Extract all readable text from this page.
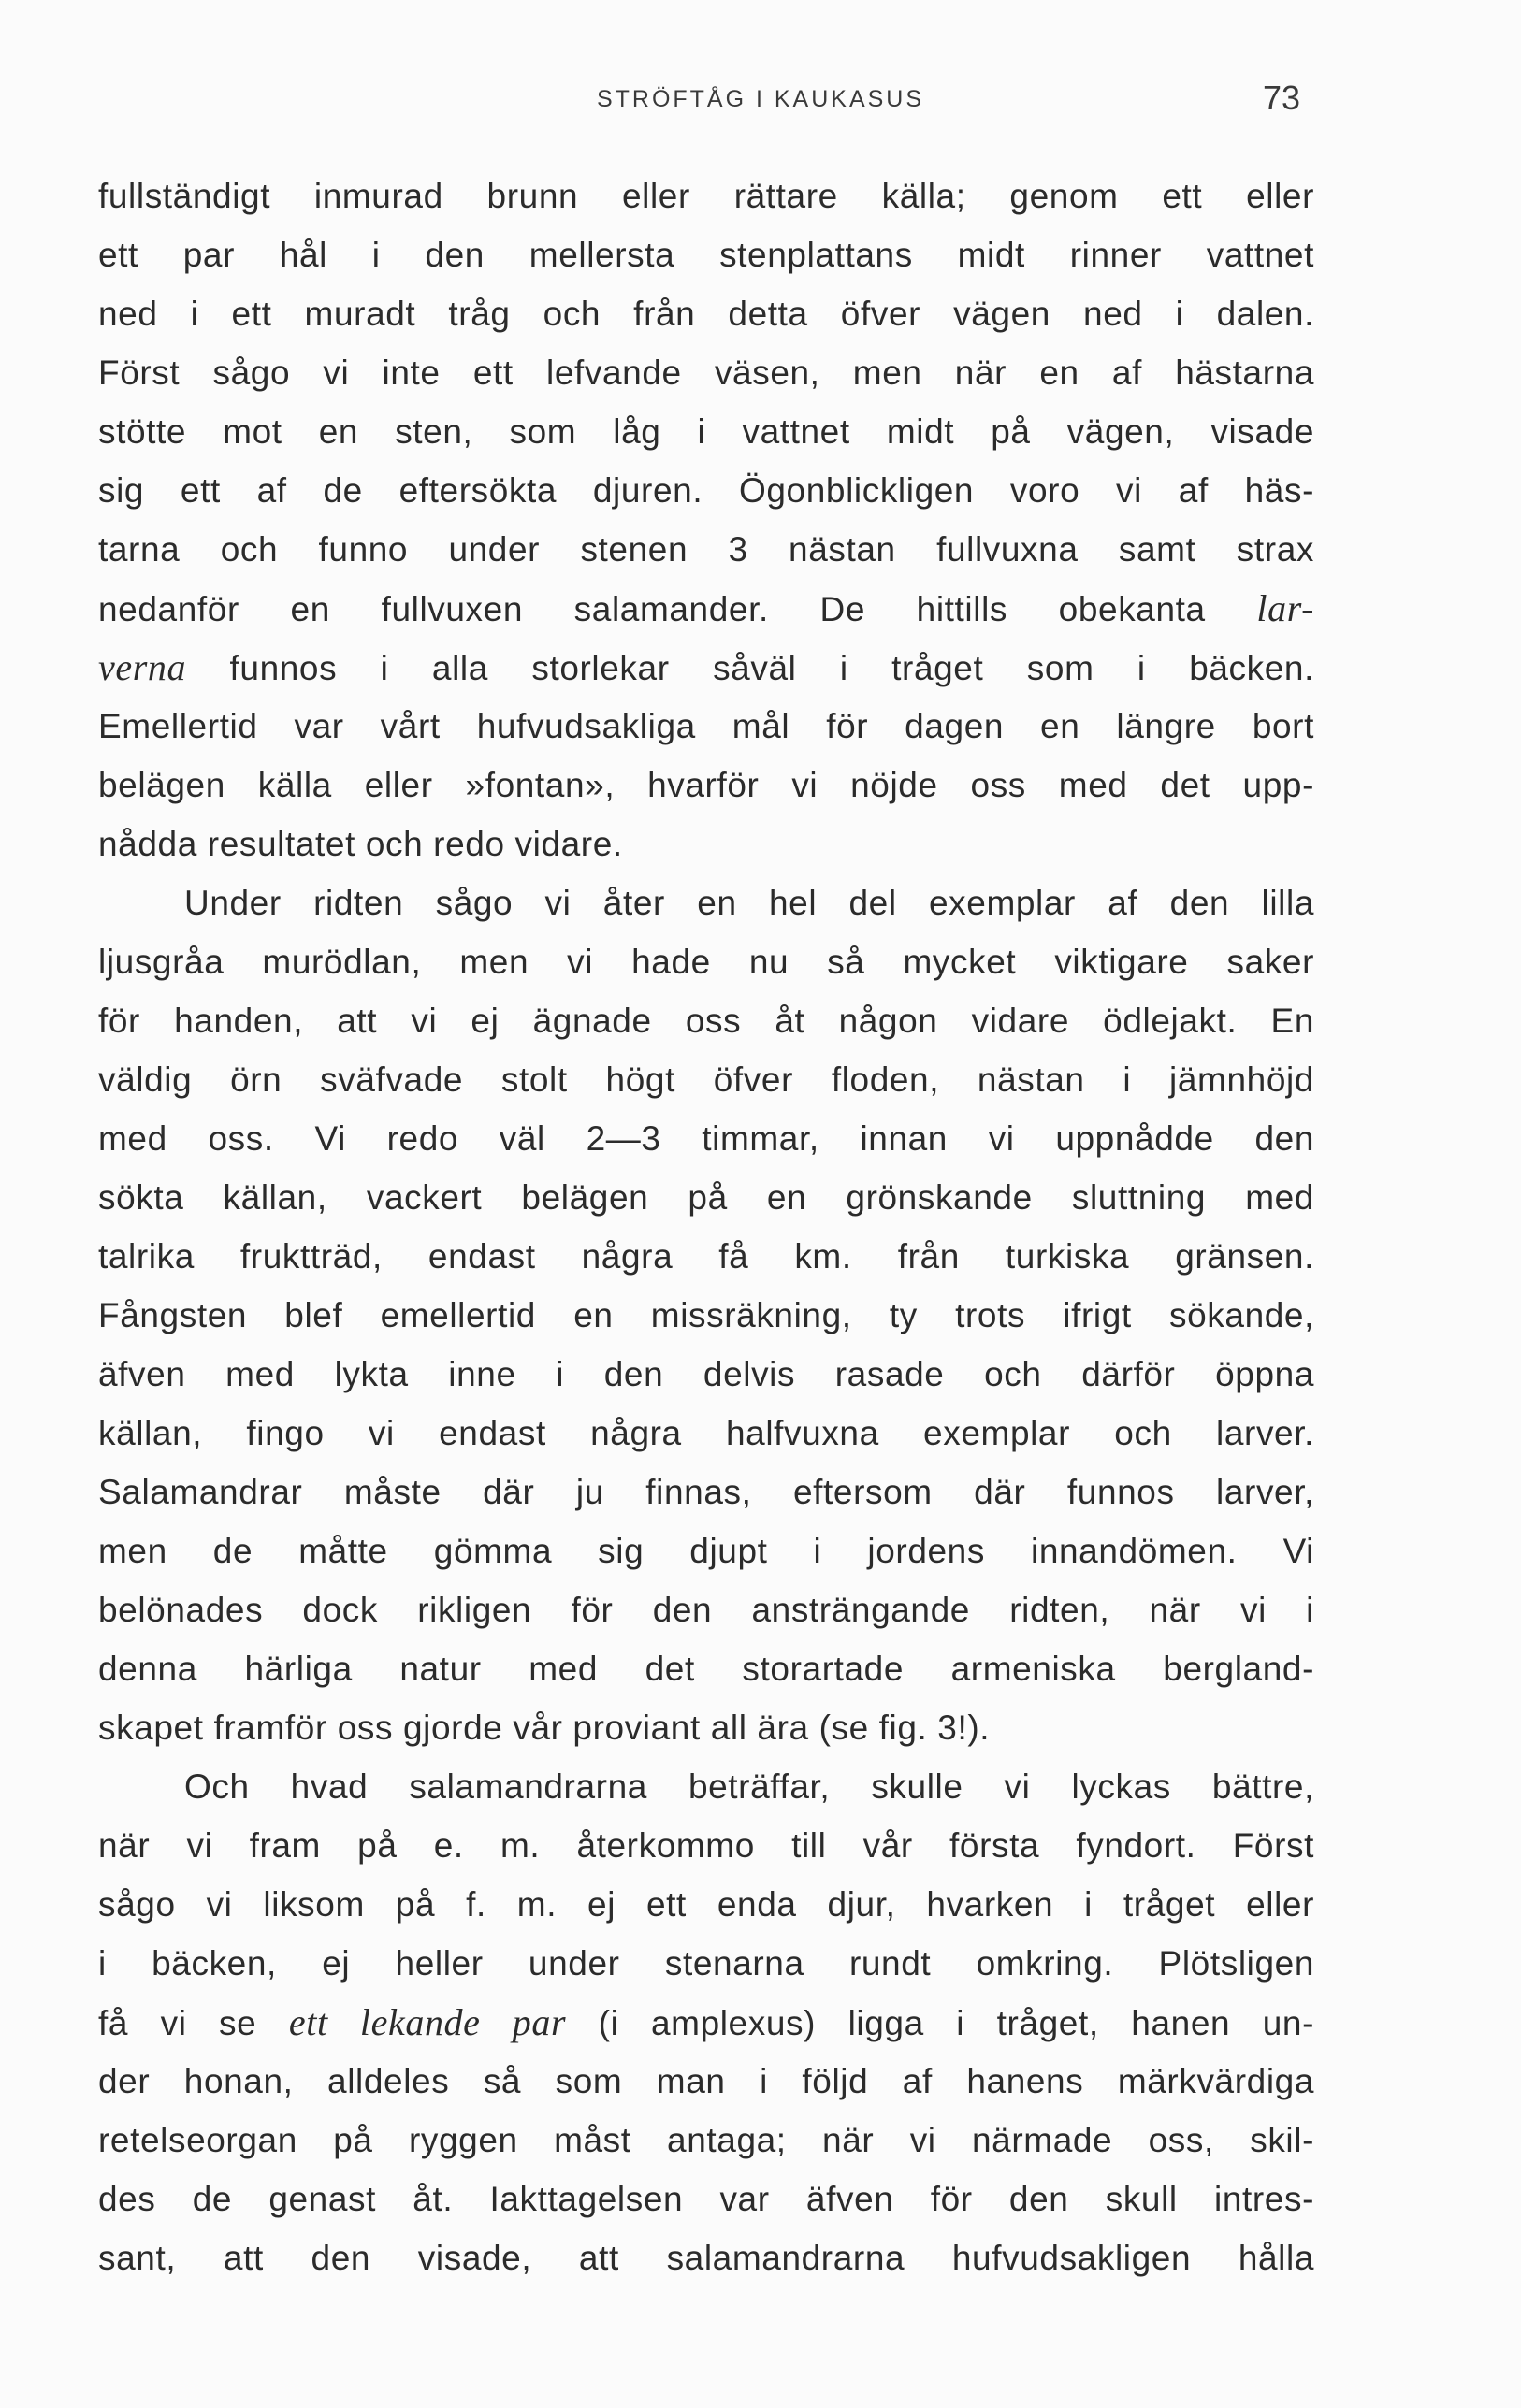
STRÖFTÅG I KAUKASUS	73
fullständigt inmurad brunn eller rättare källa; genom ett eller
ett par hål i den mellersta stenplattans midt rinner vattnet
ned i ett muradt tråg och från detta öfver vägen ned i dalen.
Först sågo vi inte ett lefvande väsen, men när en af hästarna
stötte mot en sten, som låg i vattnet midt på vägen, visade
sig ett af de eftersökta djuren. Ögonblickligen voro vi af häs-
tarna och funno under stenen 3 nästan fullvuxna samt strax
nedanför en fullvuxen salamander. De hittills obekanta lar-
verna funnos i alla storlekar såväl i tråget som i bäcken.
Emellertid var vårt hufvudsakliga mål för dagen en längre bort
belägen källa eller »fontan», hvarför vi nöjde oss med det upp-
nådda resultatet och redo vidare.
Under ridten sågo vi åter en hel del exemplar af den lilla
ljusgråa murödlan, men vi hade nu så mycket viktigare saker
för handen, att vi ej ägnade oss åt någon vidare ödlejakt. En
väldig örn sväfvade stolt högt öfver floden, nästan i jämnhöjd
med oss. Vi redo väl 2—3 timmar, innan vi uppnådde den
sökta källan, vackert belägen på en grönskande sluttning med
talrika fruktträd, endast några få km. från turkiska gränsen.
Fångsten blef emellertid en missräkning, ty trots ifrigt sökande,
äfven med lykta inne i den delvis rasade och därför öppna
källan, fingo vi endast några halfvuxna exemplar och larver.
Salamandrar måste där ju finnas, eftersom där funnos larver,
men de måtte gömma sig djupt i jordens innandömen. Vi
belönades dock rikligen för den ansträngande ridten, när vi i
denna härliga natur med det storartade armeniska bergland-
skapet framför oss gjorde vår proviant all ära (se fig. 3!).
Och hvad salamandrarna beträffar, skulle vi lyckas bättre,
när vi fram på e. m. återkommo till vår första fyndort. Först
sågo vi liksom på f. m. ej ett enda djur, hvarken i tråget eller
i bäcken, ej heller under stenarna rundt omkring. Plötsligen
få vi se ett lekande par (i amplexus) ligga i tråget, hanen un-
der honan, alldeles så som man i följd af hanens märkvärdiga
retelseorgan på ryggen måst antaga; när vi närmade oss, skil-
des de genast åt. Iakttagelsen var äfven för den skull intres-
sant, att den visade, att salamandrarna hufvudsakligen hålla
